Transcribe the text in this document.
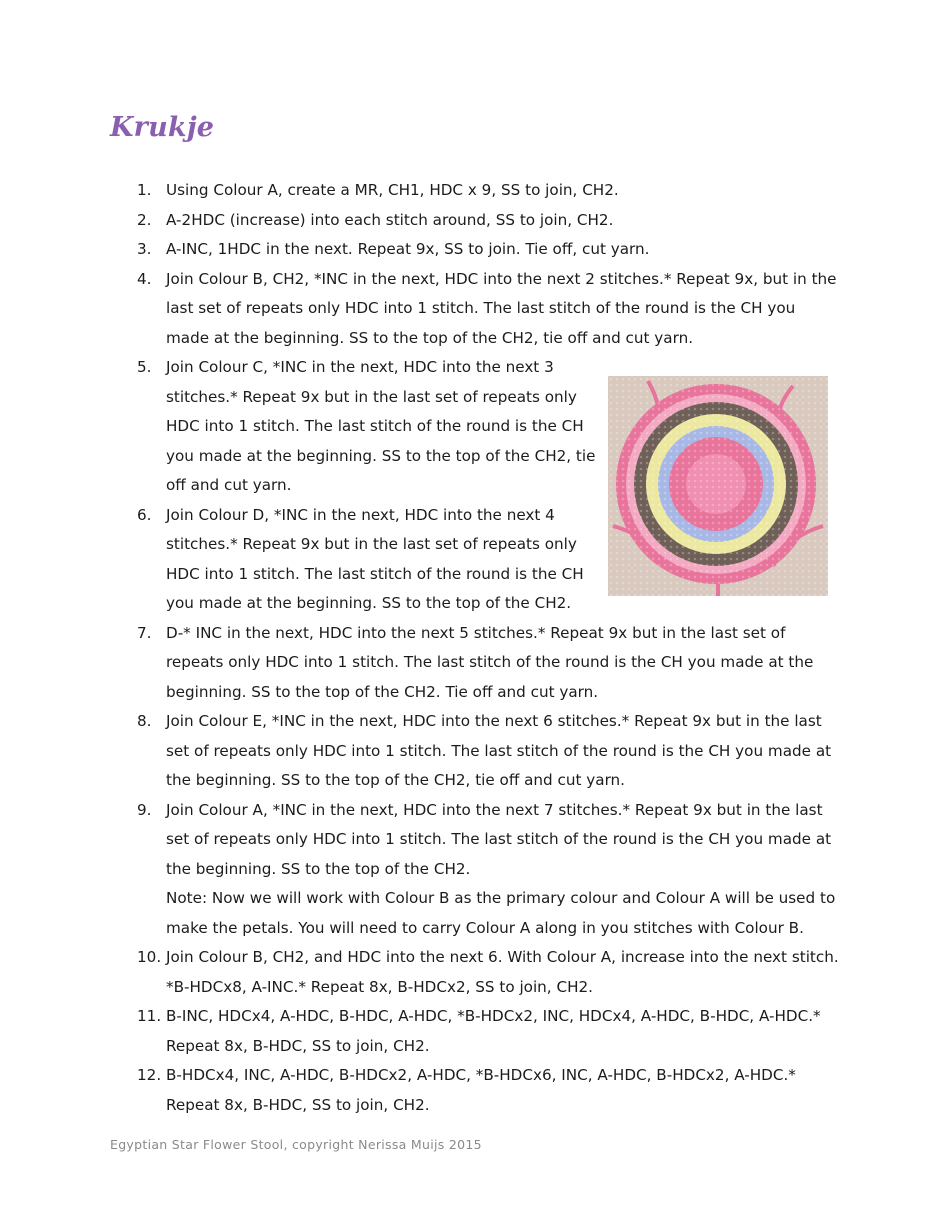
Krukje
1. Using Colour A, create a MR, CH1, HDC x 9, SS to join, CH2.
2. A-2HDC (increase) into each stitch around, SS to join, CH2.
3. A-INC, 1HDC in the next. Repeat 9x, SS to join. Tie off, cut yarn.
4. Join Colour B, CH2, *INC in the next, HDC into the next 2 stitches.* Repeat 9x, but in the last set of repeats only HDC into 1 stitch. The last stitch of the round is the CH you made at the beginning. SS to the top of the CH2, tie off and cut yarn.
5. Join Colour C, *INC in the next, HDC into the next 3 stitches.* Repeat 9x but in the last set of repeats only HDC into 1 stitch. The last stitch of the round is the CH you made at the beginning. SS to the top of the CH2, tie off and cut yarn.
6. Join Colour D, *INC in the next, HDC into the next 4 stitches.* Repeat 9x but in the last set of repeats only HDC into 1 stitch. The last stitch of the round is the CH you made at the beginning. SS to the top of the CH2.
7. D-* INC in the next, HDC into the next 5 stitches.* Repeat 9x but in the last set of repeats only HDC into 1 stitch. The last stitch of the round is the CH you made at the beginning. SS to the top of the CH2. Tie off and cut yarn.
8. Join Colour E, *INC in the next, HDC into the next 6 stitches.* Repeat 9x but in the last set of repeats only HDC into 1 stitch. The last stitch of the round is the CH you made at the beginning. SS to the top of the CH2, tie off and cut yarn.
9. Join Colour A, *INC in the next, HDC into the next 7 stitches.* Repeat 9x but in the last set of repeats only HDC into 1 stitch. The last stitch of the round is the CH you made at the beginning. SS to the top of the CH2.
Note: Now we will work with Colour B as the primary colour and Colour A will be used to make the petals. You will need to carry Colour A along in you stitches with Colour B.
10. Join Colour B, CH2, and HDC into the next 6. With Colour A, increase into the next stitch. *B-HDCx8, A-INC.* Repeat 8x, B-HDCx2, SS to join, CH2.
11. B-INC, HDCx4, A-HDC, B-HDC, A-HDC, *B-HDCx2, INC, HDCx4, A-HDC, B-HDC, A-HDC.* Repeat 8x, B-HDC, SS to join, CH2.
12. B-HDCx4, INC, A-HDC, B-HDCx2, A-HDC, *B-HDCx6, INC, A-HDC, B-HDCx2, A-HDC.* Repeat 8x, B-HDC, SS to join, CH2.
Egyptian Star Flower Stool, copyright Nerissa Muijs 2015
